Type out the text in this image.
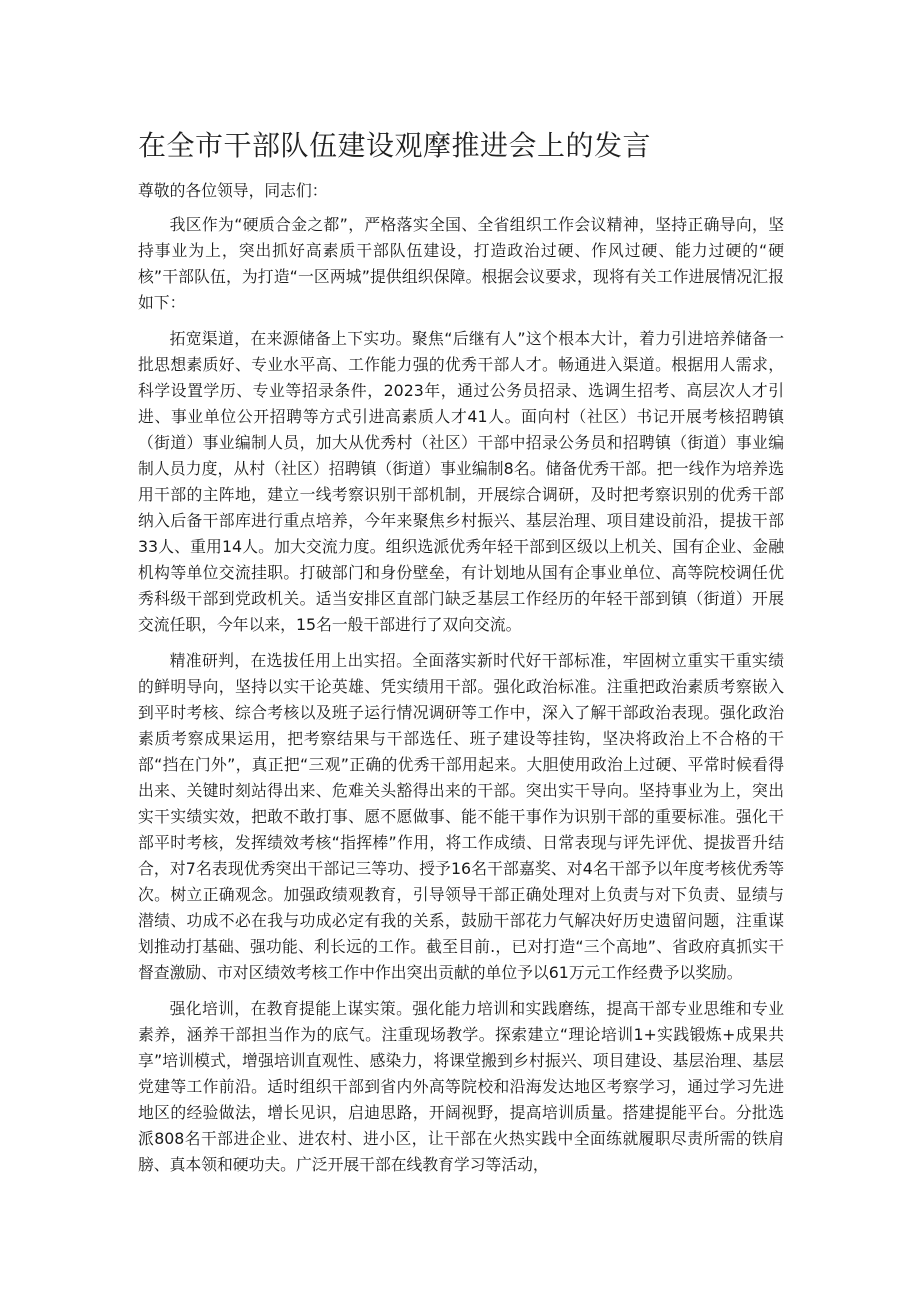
在全市干部队伍建设观摩推进会上的发言

尊敬的各位领导，同志们：

我区作为“硬质合金之都”，严格落实全国、全省组织工作会议精神，坚持正确导向，坚持事业为上，突出抓好高素质干部队伍建设，打造政治过硬、作风过硬、能力过硬的“硬核”干部队伍，为打造“一区两城”提供组织保障。根据会议要求，现将有关工作进展情况汇报如下：

拓宽渠道，在来源储备上下实功。聚焦“后继有人”这个根本大计，着力引进培养储备一批思想素质好、专业水平高、工作能力强的优秀干部人才。畅通进入渠道。根据用人需求，科学设置学历、专业等招录条件，2023年，通过公务员招录、选调生招考、高层次人才引进、事业单位公开招聘等方式引进高素质人才41人。面向村（社区）书记开展考核招聘镇（街道）事业编制人员，加大从优秀村（社区）干部中招录公务员和招聘镇（街道）事业编制人员力度，从村（社区）招聘镇（街道）事业编制8名。储备优秀干部。把一线作为培养选用干部的主阵地，建立一线考察识别干部机制，开展综合调研，及时把考察识别的优秀干部纳入后备干部库进行重点培养，今年来聚焦乡村振兴、基层治理、项目建设前沿，提拔干部33人、重用14人。加大交流力度。组织选派优秀年轻干部到区级以上机关、国有企业、金融机构等单位交流挂职。打破部门和身份壁垒，有计划地从国有企事业单位、高等院校调任优秀科级干部到党政机关。适当安排区直部门缺乏基层工作经历的年轻干部到镇（街道）开展交流任职，今年以来，15名一般干部进行了双向交流。

精准研判，在选拔任用上出实招。全面落实新时代好干部标准，牢固树立重实干重实绩的鲜明导向，坚持以实干论英雄、凭实绩用干部。强化政治标准。注重把政治素质考察嵌入到平时考核、综合考核以及班子运行情况调研等工作中，深入了解干部政治表现。强化政治素质考察成果运用，把考察结果与干部选任、班子建设等挂钩，坚决将政治上不合格的干部“挡在门外”，真正把“三观”正确的优秀干部用起来。大胆使用政治上过硬、平常时候看得出来、关键时刻站得出来、危难关头豁得出来的干部。突出实干导向。坚持事业为上，突出实干实绩实效，把敢不敢打事、愿不愿做事、能不能干事作为识别干部的重要标准。强化干部平时考核，发挥绩效考核“指挥棒”作用，将工作成绩、日常表现与评先评优、提拔晋升结合，对7名表现优秀突出干部记三等功、授予16名干部嘉奖、对4名干部予以年度考核优秀等次。树立正确观念。加强政绩观教育，引导领导干部正确处理对上负责与对下负责、显绩与潜绩、功成不必在我与功成必定有我的关系，鼓励干部花力气解决好历史遗留问题，注重谋划推动打基础、强功能、利长远的工作。截至目前.，已对打造“三个高地”、省政府真抓实干督查激励、市对区绩效考核工作中作出突出贡献的单位予以61万元工作经费予以奖励。

强化培训，在教育提能上谋实策。强化能力培训和实践磨练，提高干部专业思维和专业素养，涵养干部担当作为的底气。注重现场教学。探索建立“理论培训1+实践锻炼+成果共享”培训模式，增强培训直观性、感染力，将课堂搬到乡村振兴、项目建设、基层治理、基层党建等工作前沿。适时组织干部到省内外高等院校和沿海发达地区考察学习，通过学习先进地区的经验做法，增长见识，启迪思路，开阔视野，提高培训质量。搭建提能平台。分批选派808名干部进企业、进农村、进小区，让干部在火热实践中全面练就履职尽责所需的铁肩膀、真本领和硬功夫。广泛开展干部在线教育学习等活动，
